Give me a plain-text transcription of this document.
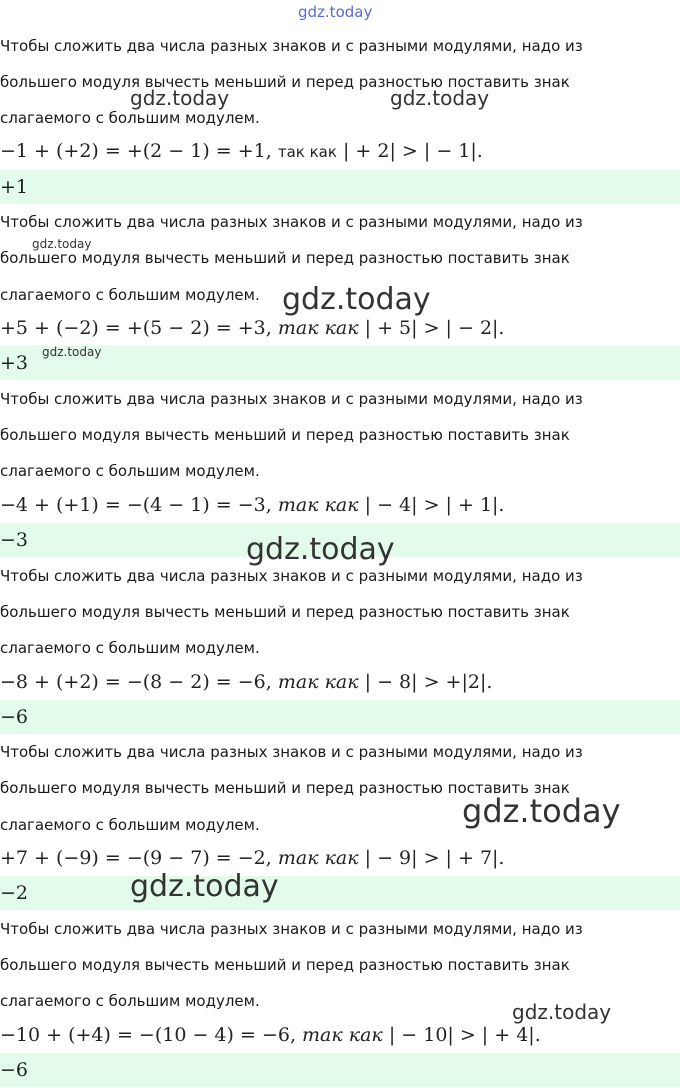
gdz.today
Чтобы сложить два числа разных знаков и с разными модулями, надо из
большего модуля вычесть меньший и перед разностью поставить знак
слагаемого с большим модулем.
−1 + (+2) = +(2 − 1) = +1, так как | + 2| > | − 1|.
+1
Чтобы сложить два числа разных знаков и с разными модулями, надо из
большего модуля вычесть меньший и перед разностью поставить знак
слагаемого с большим модулем.
+5 + (−2) = +(5 − 2) = +3, так как | + 5| > | − 2|.
+3
Чтобы сложить два числа разных знаков и с разными модулями, надо из
большего модуля вычесть меньший и перед разностью поставить знак
слагаемого с большим модулем.
−4 + (+1) = −(4 − 1) = −3, так как | − 4| > | + 1|.
−3
Чтобы сложить два числа разных знаков и с разными модулями, надо из
большего модуля вычесть меньший и перед разностью поставить знак
слагаемого с большим модулем.
−8 + (+2) = −(8 − 2) = −6, так как | − 8| > +|2|.
−6
Чтобы сложить два числа разных знаков и с разными модулями, надо из
большего модуля вычесть меньший и перед разностью поставить знак
слагаемого с большим модулем.
+7 + (−9) = −(9 − 7) = −2, так как | − 9| > | + 7|.
−2
Чтобы сложить два числа разных знаков и с разными модулями, надо из
большего модуля вычесть меньший и перед разностью поставить знак
слагаемого с большим модулем.
−10 + (+4) = −(10 − 4) = −6, так как | − 10| > | + 4|.
−6
gdz.today	gdz.today
gdz.today
gdz.today
gdz.today
gdz.today
gdz.today
gdz.today
gdz.today
